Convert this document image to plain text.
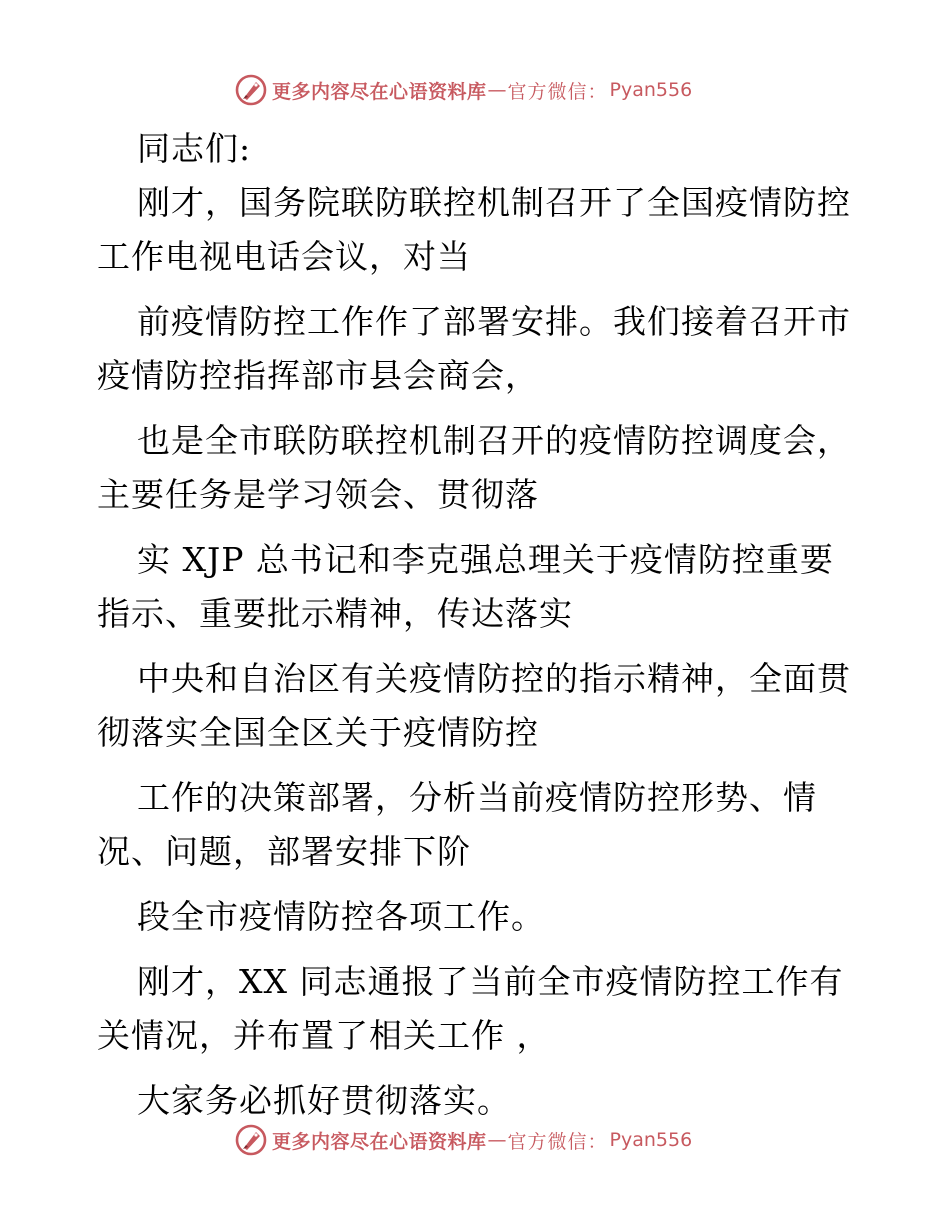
更多内容尽在心语资料库 — 官方微信： Pyan556
同志们:
刚才，国务院联防联控机制召开了全国疫情防控
工作电视电话会议，对当
前疫情防控工作作了部署安排。我们接着召开市
疫情防控指挥部市县会商会，
也是全市联防联控机制召开的疫情防控调度会，
主要任务是学习领会、贯彻落
实 XJP 总书记和李克强总理关于疫情防控重要
指示、重要批示精神，传达落实
中央和自治区有关疫情防控的指示精神，全面贯
彻落实全国全区关于疫情防控
工作的决策部署，分析当前疫情防控形势、情
况、问题，部署安排下阶
段全市疫情防控各项工作。
刚才，XX 同志通报了当前全市疫情防控工作有
关情况，并布置了相关工作 ，
大家务必抓好贯彻落实。
更多内容尽在心语资料库 — 官方微信： Pyan556
